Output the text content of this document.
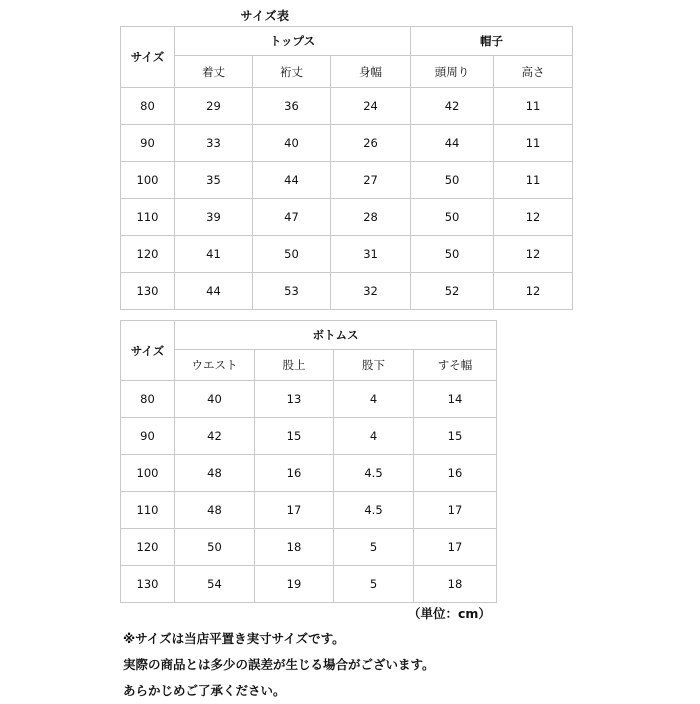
サイズ表
サイズ	トップス			帽子	
	着丈	裄丈	身幅	頭周り	高さ
80	29	36	24	42	11
90	33	40	26	44	11
100	35	44	27	50	11
110	39	47	28	50	12
120	41	50	31	50	12
130	44	53	32	52	12
サイズ	ボトムス			
	ウエスト	股上	股下	すそ幅
80	40	13	4	14
90	42	15	4	15
100	48	16	4.5	16
110	48	17	4.5	17
120	50	18	5	17
130	54	19	5	18
（単位：cm）
※サイズは当店平置き実寸サイズです。
実際の商品とは多少の誤差が生じる場合がございます。
あらかじめご了承ください。
